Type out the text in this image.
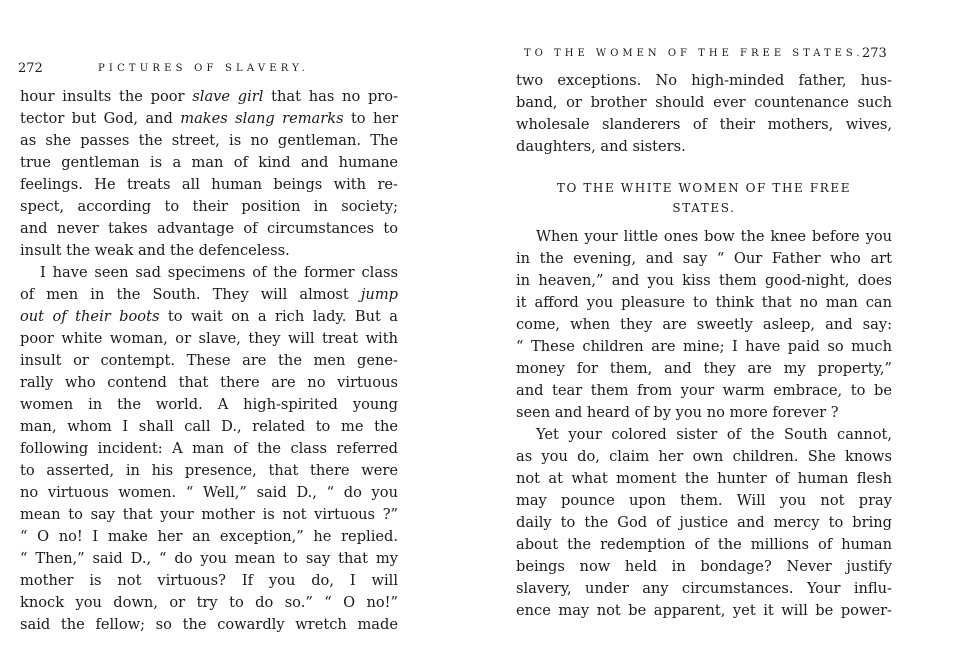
272	PICTURES OF SLAVERY.
hour insults the poor slave girl that has no pro-
tector but God, and makes slang remarks to her
as she passes the street, is no gentleman. The
true gentleman is a man of kind and humane
feelings. He treats all human beings with re-
spect, according to their position in society;
and never takes advantage of circumstances to
insult the weak and the defenceless.
I have seen sad specimens of the former class
of men in the South. They will almost jump
out of their boots to wait on a rich lady. But a
poor white woman, or slave, they will treat with
insult or contempt. These are the men gene-
rally who contend that there are no virtuous
women in the world. A high-spirited young
man, whom I shall call D., related to me the
following incident: A man of the class referred
to asserted, in his presence, that there were
no virtuous women. “ Well,” said D., “ do you
mean to say that your mother is not virtuous ?”
“ O no! I make her an exception,” he replied.
“ Then,” said D., “ do you mean to say that my
mother is not virtuous? If you do, I will
knock you down, or try to do so.” “ O no!”
said the fellow; so the cowardly wretch made
TO THE WOMEN OF THE FREE STATES.
273
two exceptions. No high-minded father, hus-
band, or brother should ever countenance such
wholesale slanderers of their mothers, wives,
daughters, and sisters.
TO THE WHITE WOMEN OF THE FREE
STATES.
When your little ones bow the knee before you
in the evening, and say “ Our Father who art
in heaven,” and you kiss them good-night, does
it afford you pleasure to think that no man can
come, when they are sweetly asleep, and say:
“ These children are mine; I have paid so much
money for them, and they are my property,”
and tear them from your warm embrace, to be
seen and heard of by you no more forever ?
Yet your colored sister of the South cannot,
as you do, claim her own children. She knows
not at what moment the hunter of human flesh
may pounce upon them. Will you not pray
daily to the God of justice and mercy to bring
about the redemption of the millions of human
beings now held in bondage? Never justify
slavery, under any circumstances. Your influ-
ence may not be apparent, yet it will be power-
